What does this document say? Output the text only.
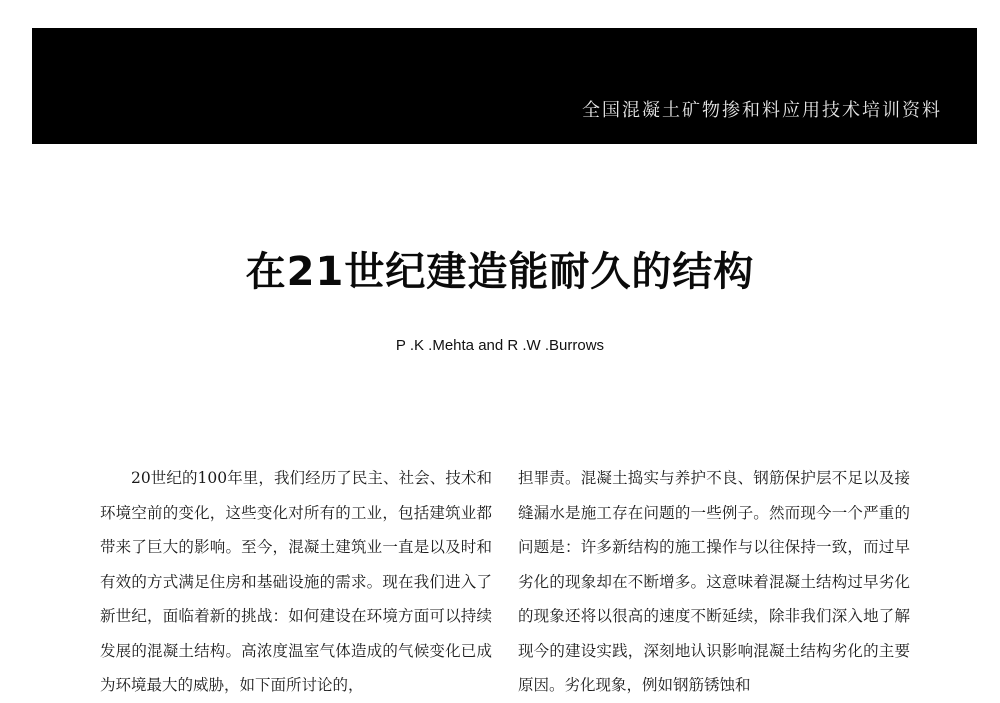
全国混凝土矿物掺和料应用技术培训资料
在21世纪建造能耐久的结构
P .K .Mehta and R .W .Burrows

20世纪的100年里，我们经历了民主、社会、技术和环境空前的变化，这些变化对所有的工业，包括建筑业都带来了巨大的影响。至今，混凝土建筑业一直是以及时和有效的方式满足住房和基础设施的需求。现在我们进入了新世纪，面临着新的挑战：如何建设在环境方面可以持续发展的混凝土结构。高浓度温室气体造成的气候变化已成为环境最大的威胁，如下面所讨论的，

担罪责。混凝土捣实与养护不良、钢筋保护层不足以及接缝漏水是施工存在问题的一些例子。然而现今一个严重的问题是：许多新结构的施工操作与以往保持一致，而过早劣化的现象却在不断增多。这意味着混凝土结构过早劣化的现象还将以很高的速度不断延续，除非我们深入地了解现今的建设实践，深刻地认识影响混凝土结构劣化的主要原因。劣化现象，例如钢筋锈蚀和
